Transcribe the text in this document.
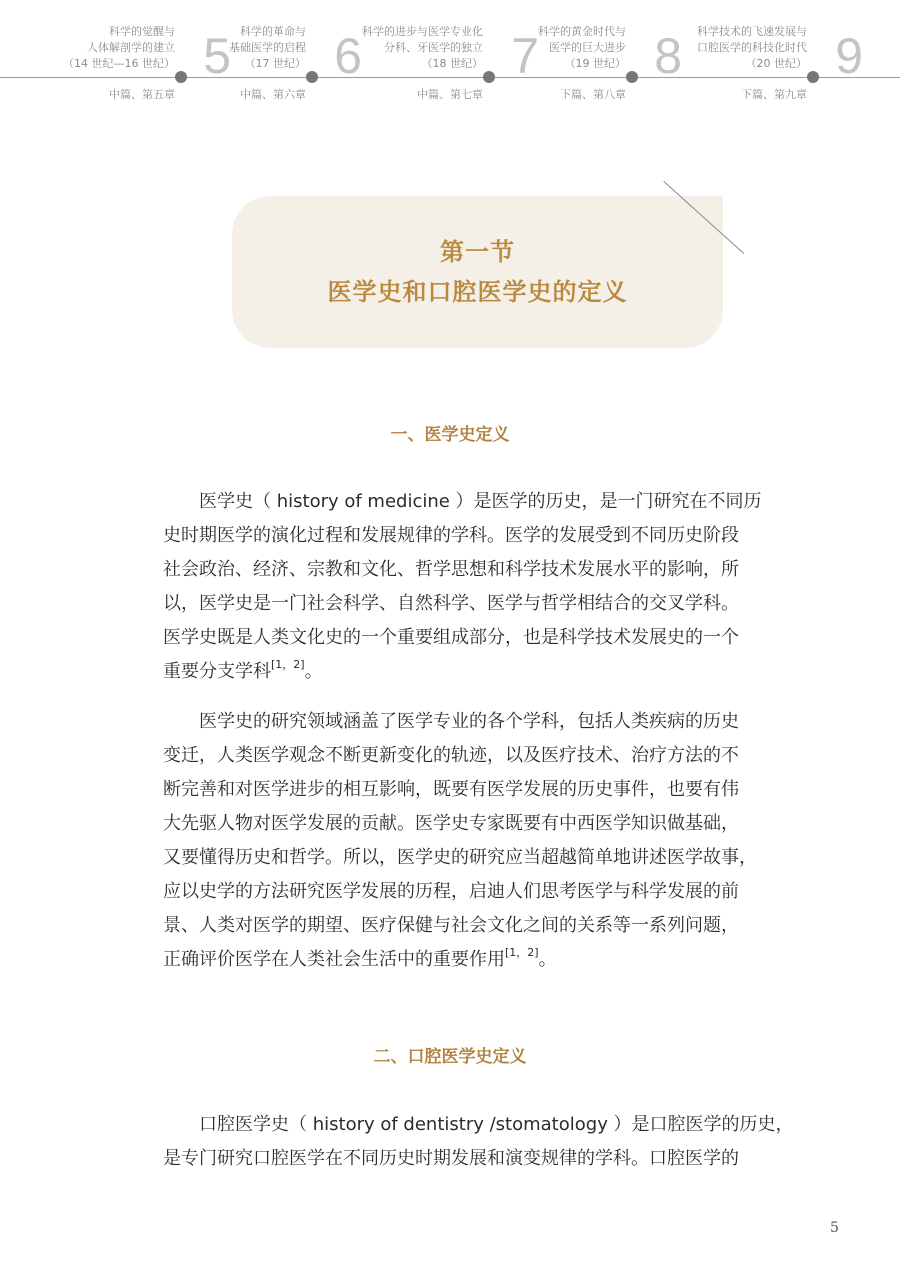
科学的觉醒与
人体解剖学的建立
（14 世纪—16 世纪） 5
中篇、第五章
科学的革命与
基础医学的启程
（17 世纪） 6
中篇、第六章
科学的进步与医学专业化
分科、牙医学的独立
（18 世纪） 7
中篇、第七章
科学的黄金时代与
医学的巨大进步
（19 世纪） 8
下篇、第八章
科学技术的飞速发展与
口腔医学的科技化时代
（20 世纪） 9
下篇、第九章
第一节
医学史和口腔医学史的定义
一、医学史定义
　　医学史（ history of medicine ）是医学的历史，是一门研究在不同历
史时期医学的演化过程和发展规律的学科。医学的发展受到不同历史阶段
社会政治、经济、宗教和文化、哲学思想和科学技术发展水平的影响，所
以，医学史是一门社会科学、自然科学、医学与哲学相结合的交叉学科。
医学史既是人类文化史的一个重要组成部分，也是科学技术发展史的一个
重要分支学科[1，2]。
　　医学史的研究领域涵盖了医学专业的各个学科，包括人类疾病的历史
变迁，人类医学观念不断更新变化的轨迹，以及医疗技术、治疗方法的不
断完善和对医学进步的相互影响，既要有医学发展的历史事件，也要有伟
大先驱人物对医学发展的贡献。医学史专家既要有中西医学知识做基础，
又要懂得历史和哲学。所以，医学史的研究应当超越简单地讲述医学故事，
应以史学的方法研究医学发展的历程，启迪人们思考医学与科学发展的前
景、人类对医学的期望、医疗保健与社会文化之间的关系等一系列问题，
正确评价医学在人类社会生活中的重要作用[1，2]。
二、口腔医学史定义
　　口腔医学史（ history of dentistry /stomatology ）是口腔医学的历史，
是专门研究口腔医学在不同历史时期发展和演变规律的学科。口腔医学的
5
